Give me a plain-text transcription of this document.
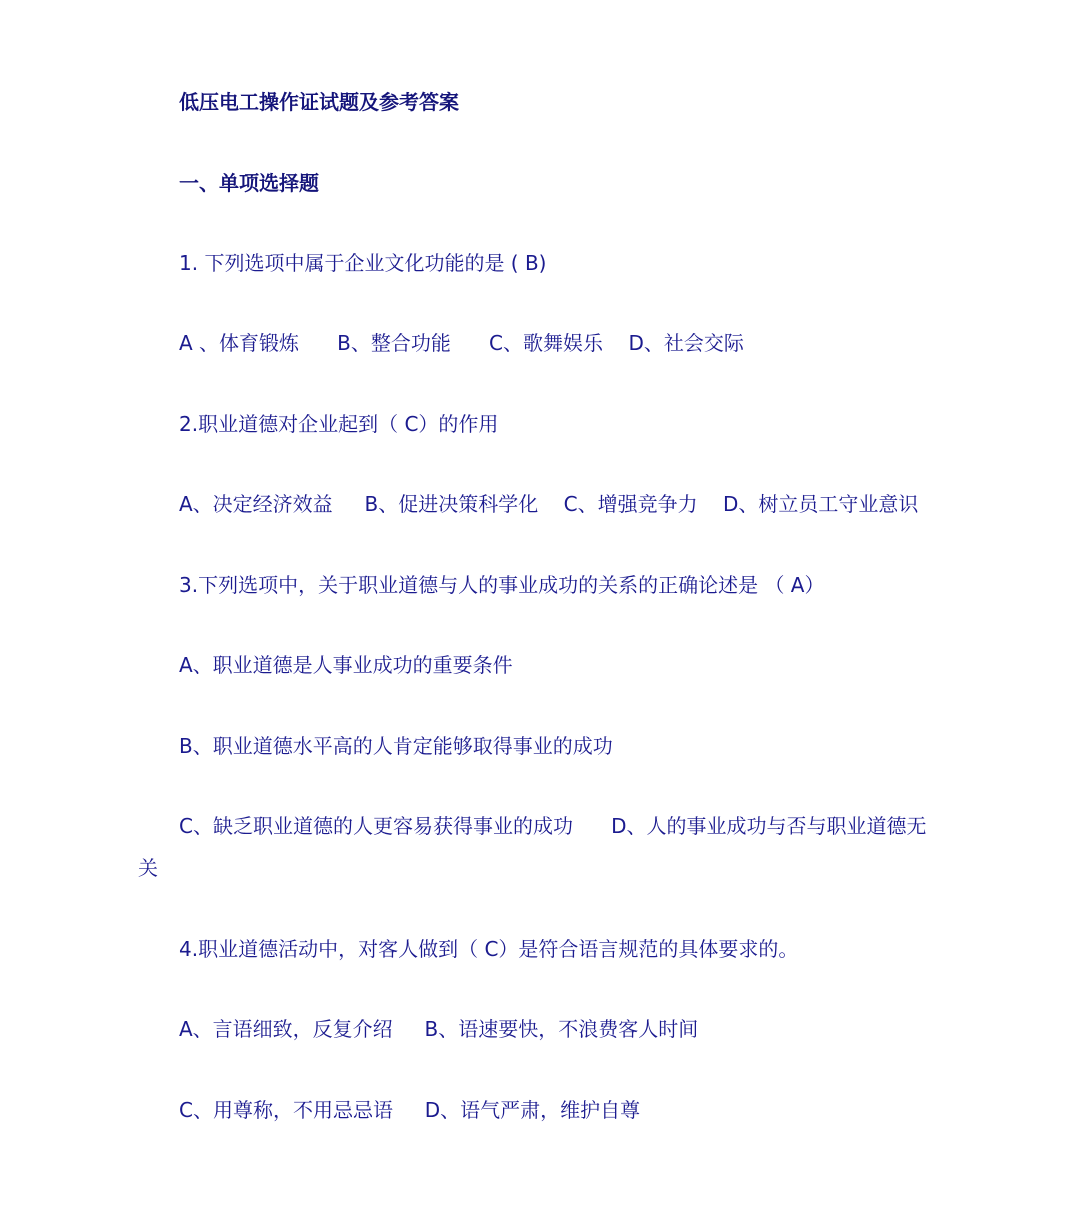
低压电工操作证试题及参考答案
一、单项选择题
1. 下列选项中属于企业文化功能的是 ( B)
A 、体育锻炼      B、整合功能      C、歌舞娱乐    D、社会交际
2.职业道德对企业起到（ C）的作用
A、决定经济效益     B、促进决策科学化    C、增强竞争力    D、树立员工守业意识
3.下列选项中，关于职业道德与人的事业成功的关系的正确论述是 （ A）
A、职业道德是人事业成功的重要条件
B、职业道德水平高的人肯定能够取得事业的成功
C、缺乏职业道德的人更容易获得事业的成功      D、人的事业成功与否与职业道德无
关
4.职业道德活动中，对客人做到（ C）是符合语言规范的具体要求的。
A、言语细致，反复介绍     B、语速要快，不浪费客人时间
C、用尊称，不用忌忌语     D、语气严肃，维护自尊
